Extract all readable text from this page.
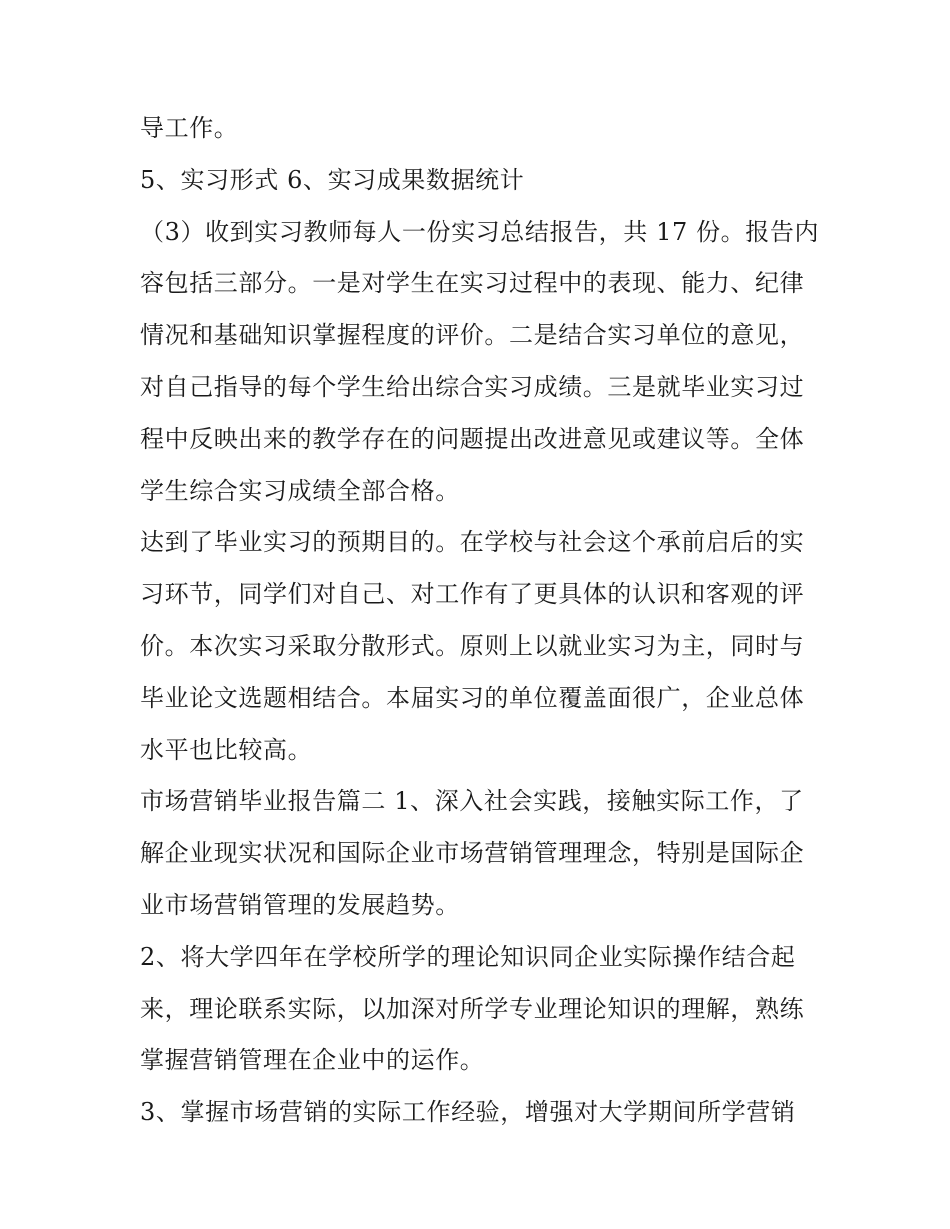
导工作。
5、实习形式 6、实习成果数据统计
（3）收到实习教师每人一份实习总结报告，共 17 份。报告内
容包括三部分。一是对学生在实习过程中的表现、能力、纪律
情况和基础知识掌握程度的评价。二是结合实习单位的意见，
对自己指导的每个学生给出综合实习成绩。三是就毕业实习过
程中反映出来的教学存在的问题提出改进意见或建议等。全体
学生综合实习成绩全部合格。
达到了毕业实习的预期目的。在学校与社会这个承前启后的实
习环节，同学们对自己、对工作有了更具体的认识和客观的评
价。本次实习采取分散形式。原则上以就业实习为主，同时与
毕业论文选题相结合。本届实习的单位覆盖面很广，企业总体
水平也比较高。
市场营销毕业报告篇二 1、深入社会实践，接触实际工作，了
解企业现实状况和国际企业市场营销管理理念，特别是国际企
业市场营销管理的发展趋势。
2、将大学四年在学校所学的理论知识同企业实际操作结合起
来，理论联系实际，以加深对所学专业理论知识的理解，熟练
掌握营销管理在企业中的运作。
3、掌握市场营销的实际工作经验，增强对大学期间所学营销
